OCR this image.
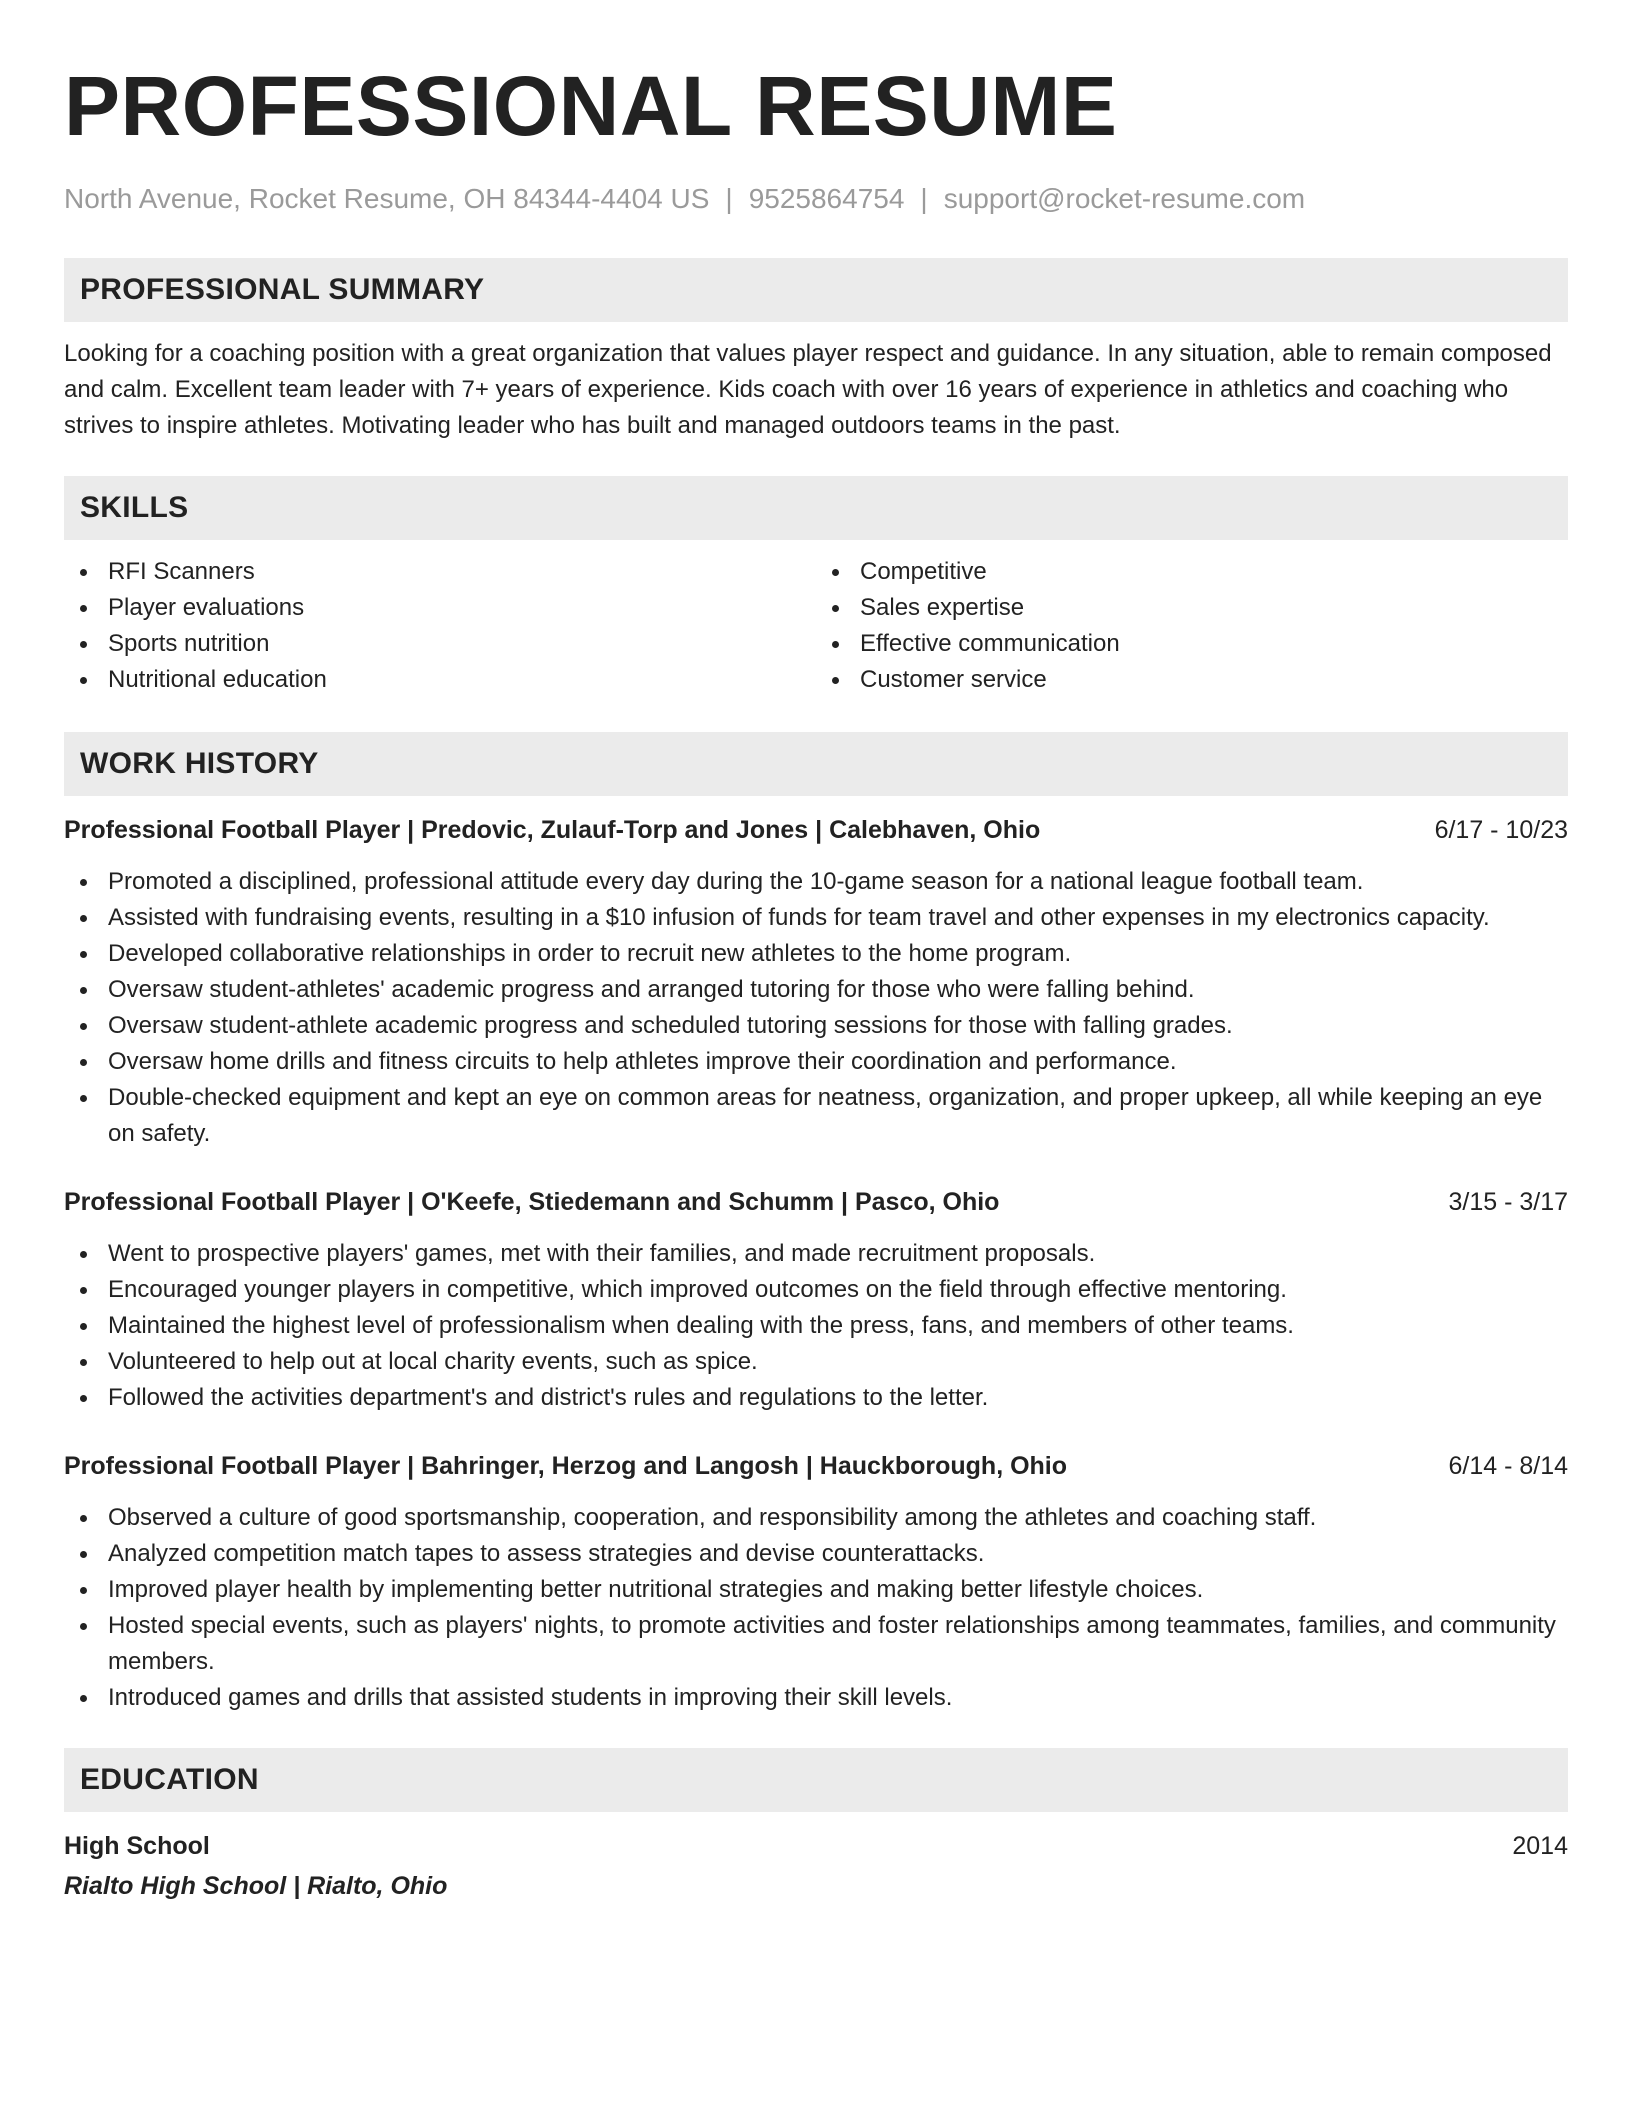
PROFESSIONAL RESUME
North Avenue, Rocket Resume, OH 84344-4404 US | 9525864754 | support@rocket-resume.com
PROFESSIONAL SUMMARY
Looking for a coaching position with a great organization that values player respect and guidance. In any situation, able to remain composed and calm. Excellent team leader with 7+ years of experience. Kids coach with over 16 years of experience in athletics and coaching who strives to inspire athletes. Motivating leader who has built and managed outdoors teams in the past.
SKILLS
RFI Scanners
Player evaluations
Sports nutrition
Nutritional education
Competitive
Sales expertise
Effective communication
Customer service
WORK HISTORY
Professional Football Player | Predovic, Zulauf-Torp and Jones | Calebhaven, Ohio	6/17 - 10/23
Promoted a disciplined, professional attitude every day during the 10-game season for a national league football team.
Assisted with fundraising events, resulting in a $10 infusion of funds for team travel and other expenses in my electronics capacity.
Developed collaborative relationships in order to recruit new athletes to the home program.
Oversaw student-athletes' academic progress and arranged tutoring for those who were falling behind.
Oversaw student-athlete academic progress and scheduled tutoring sessions for those with falling grades.
Oversaw home drills and fitness circuits to help athletes improve their coordination and performance.
Double-checked equipment and kept an eye on common areas for neatness, organization, and proper upkeep, all while keeping an eye on safety.
Professional Football Player | O'Keefe, Stiedemann and Schumm | Pasco, Ohio	3/15 - 3/17
Went to prospective players' games, met with their families, and made recruitment proposals.
Encouraged younger players in competitive, which improved outcomes on the field through effective mentoring.
Maintained the highest level of professionalism when dealing with the press, fans, and members of other teams.
Volunteered to help out at local charity events, such as spice.
Followed the activities department's and district's rules and regulations to the letter.
Professional Football Player | Bahringer, Herzog and Langosh | Hauckborough, Ohio	6/14 - 8/14
Observed a culture of good sportsmanship, cooperation, and responsibility among the athletes and coaching staff.
Analyzed competition match tapes to assess strategies and devise counterattacks.
Improved player health by implementing better nutritional strategies and making better lifestyle choices.
Hosted special events, such as players' nights, to promote activities and foster relationships among teammates, families, and community members.
Introduced games and drills that assisted students in improving their skill levels.
EDUCATION
High School	2014
Rialto High School | Rialto, Ohio
